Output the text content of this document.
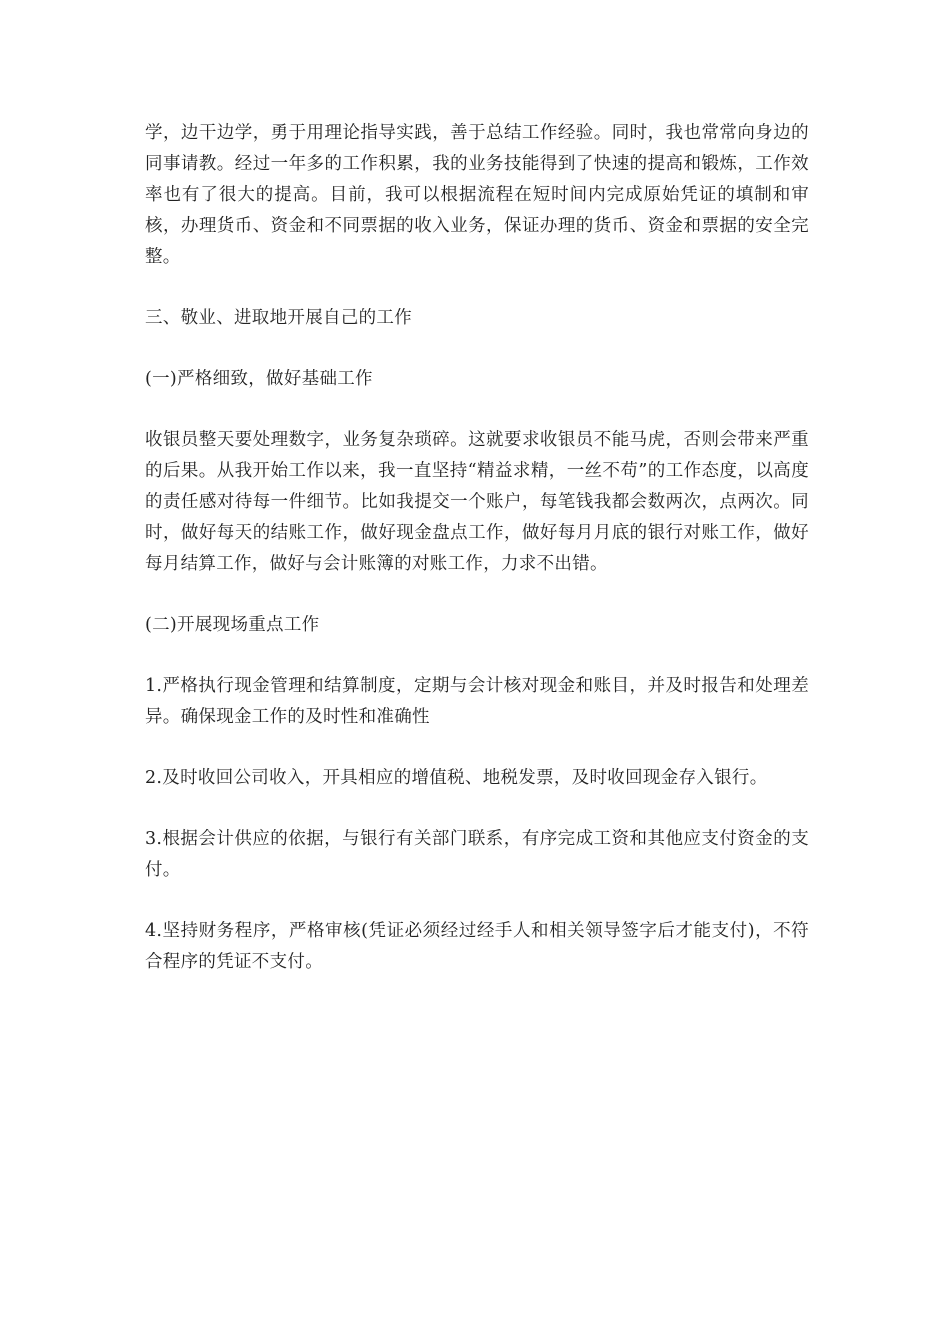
学，边干边学，勇于用理论指导实践，善于总结工作经验。同时，我也常常向身边的同事请教。经过一年多的工作积累，我的业务技能得到了快速的提高和锻炼，工作效率也有了很大的提高。目前，我可以根据流程在短时间内完成原始凭证的填制和审核，办理货币、资金和不同票据的收入业务，保证办理的货币、资金和票据的安全完整。

三、敬业、进取地开展自己的工作

(一)严格细致，做好基础工作

收银员整天要处理数字，业务复杂琐碎。这就要求收银员不能马虎，否则会带来严重的后果。从我开始工作以来，我一直坚持“精益求精，一丝不苟”的工作态度，以高度的责任感对待每一件细节。比如我提交一个账户，每笔钱我都会数两次，点两次。同时，做好每天的结账工作，做好现金盘点工作，做好每月月底的银行对账工作，做好每月结算工作，做好与会计账簿的对账工作，力求不出错。

(二)开展现场重点工作

1.严格执行现金管理和结算制度，定期与会计核对现金和账目，并及时报告和处理差异。确保现金工作的及时性和准确性

2.及时收回公司收入，开具相应的增值税、地税发票，及时收回现金存入银行。

3.根据会计供应的依据，与银行有关部门联系，有序完成工资和其他应支付资金的支付。

4.坚持财务程序，严格审核(凭证必须经过经手人和相关领导签字后才能支付)，不符合程序的凭证不支付。
